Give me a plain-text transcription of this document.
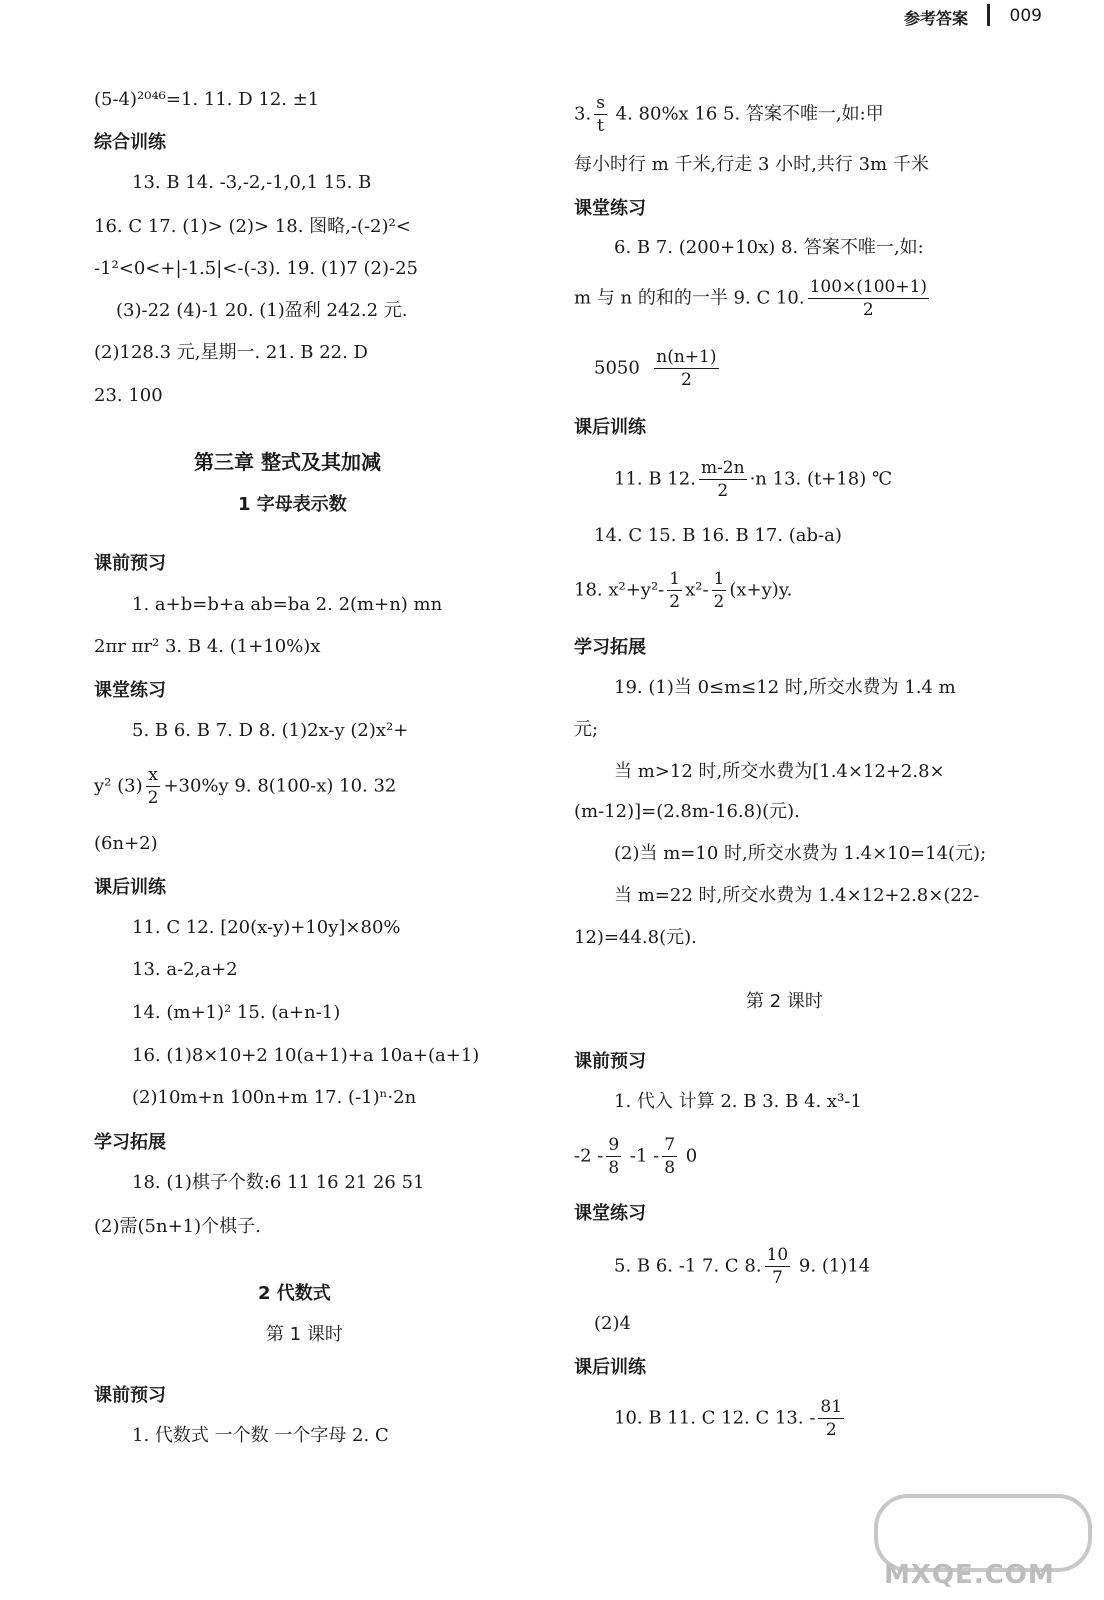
参考答案 009
(5-4)²⁰⁴⁶=1. 11. D 12. ±1
综合训练
13. B 14. -3,-2,-1,0,1 15. B
16. C 17. (1)> (2)> 18. 图略,-(-2)²<
-1²<0<+|-1.5|<-(-3). 19. (1)7 (2)-25
(3)-22 (4)-1 20. (1)盈利 242.2 元.
(2)128.3 元,星期一. 21. B 22. D
23. 100
第三章 整式及其加减
1 字母表示数
课前预习
1. a+b=b+a ab=ba 2. 2(m+n) mn
2πr πr² 3. B 4. (1+10%)x
课堂练习
5. B 6. B 7. D 8. (1)2x-y (2)x²+
y² $(3) \frac{x}{2} +30\%y$ 9. 8(100-x) 10. 32
(6n+2)
课后训练
11. C 12. [20(x-y)+10y]×80%
13. a-2,a+2
14. (m+1)² 15. (a+n-1)
16. (1)8×10+2 10(a+1)+a 10a+(a+1)
(2)10m+n 100n+m 17. (-1)ⁿ·2n
学习拓展
18. (1)棋子个数:6 11 16 21 26 51
(2)需(5n+1)个棋子.
2 代数式
第 1 课时
课前预习
1. 代数式 一个数 一个字母 2. C
3. $\frac{s}{t} 4$. 80%x 16 5. 答案不唯一,如:甲
每小时行 m 千米,行走 3 小时,共行 3m 千米
课堂练习
6. B 7. (200+10x) 8. 答案不唯一,如:
m 与 n 的和的一半 9. C 10. $\frac{100\times(100+1)}{2}$
$5050 \frac{n(n+1)}{2}$
课后训练
11. B 12. $\frac{m-2n}{2} \cdot n$ 13. (t+18) ℃
14. C 15. B 16. B 17. (ab-a)
18. $x^2+y^2- \frac{1}{2} x^2- \frac{1}{2} (x+y)y$.
学习拓展
19. (1)当 0≤m≤12 时,所交水费为 1.4 m
元;
当 m>12 时,所交水费为[1.4×12+2.8×
(m-12)]=(2.8m-16.8)(元).
(2)当 m=10 时,所交水费为 1.4×10=14(元);
当 m=22 时,所交水费为 1.4×12+2.8×(22-
12)=44.8(元).
第 2 课时
课前预习
1. 代入 计算 2. B 3. B 4. x³-1
$-2 - \frac{9}{8} -1 - \frac{7}{8} 0$
课堂练习
5. B 6. -1 7. C 8. $\frac{10}{7} 9$. (1)14
(2)4
课后训练
10. B 11. C 12. C 13. - $\frac{81}{2}$
MXQE.COM
